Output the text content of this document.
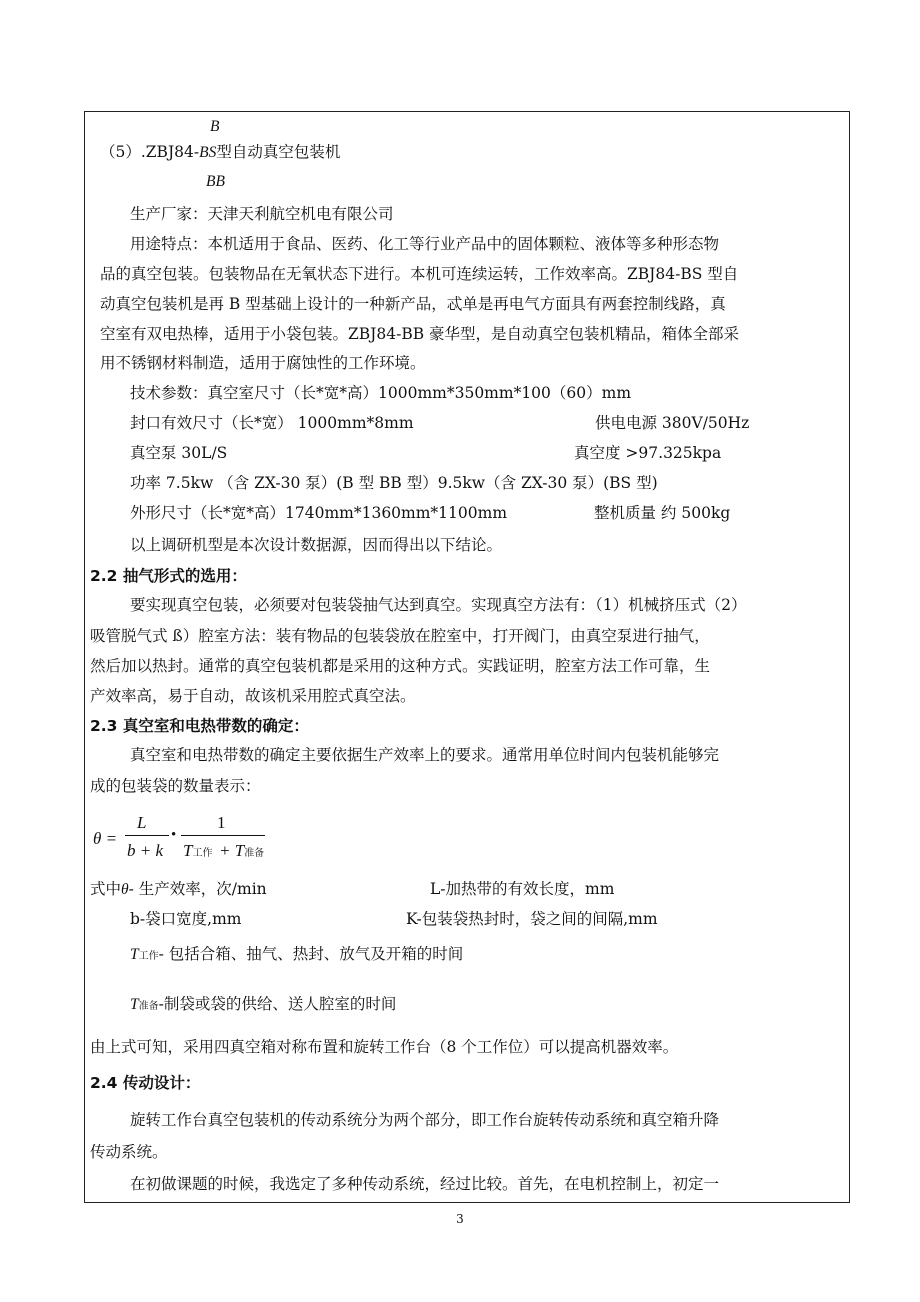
B
（5）.ZBJ84-BS型自动真空包装机
BB
生产厂家：天津天利航空机电有限公司
用途特点：本机适用于食品、医药、化工等行业产品中的固体颗粒、液体等多种形态物
品的真空包装。包装物品在无氧状态下进行。本机可连续运转，工作效率高。ZBJ84-BS 型自
动真空包装机是再 B 型基础上设计的一种新产品，忒单是再电气方面具有两套控制线路，真
空室有双电热棒，适用于小袋包装。ZBJ84-BB 豪华型，是自动真空包装机精品，箱体全部采
用不锈钢材料制造，适用于腐蚀性的工作环境。
技术参数：真空室尺寸（长*宽*高）1000mm*350mm*100（60）mm
封口有效尺寸（长*宽） 1000mm*8mm	供电电源 380V/50Hz
真空泵 30L/S	真空度 >97.325kpa
功率 7.5kw （含 ZX-30 泵）(B 型 BB 型）9.5kw（含 ZX-30 泵）(BS 型)
外形尺寸（长*宽*高）1740mm*1360mm*1100mm	整机质量 约 500kg
以上调研机型是本次设计数据源，因而得出以下结论。
2.2 抽气形式的选用：
要实现真空包装，必须要对包装袋抽气达到真空。实现真空方法有：（1）机械挤压式（2）
吸管脱气式 ß）腔室方法：装有物品的包装袋放在腔室中，打开阀门，由真空泵进行抽气，
然后加以热封。通常的真空包装机都是采用的这种方式。实践证明，腔室方法工作可靠，生
产效率高，易于自动，故该机采用腔式真空法。
2.3 真空室和电热带数的确定：
真空室和电热带数的确定主要依据生产效率上的要求。通常用单位时间内包装机能够完
成的包装袋的数量表示：
θ =
L
b + k
•
1
T工作 + T准备
式中θ- 生产效率，次/min	L-加热带的有效长度，mm
b-袋口宽度,mm	K-包装袋热封时，袋之间的间隔,mm
T工作- 包括合箱、抽气、热封、放气及开箱的时间
T准备-制袋或袋的供给、送人腔室的时间
由上式可知，采用四真空箱对称布置和旋转工作台（8 个工作位）可以提高机器效率。
2.4 传动设计：
旋转工作台真空包装机的传动系统分为两个部分，即工作台旋转传动系统和真空箱升降
传动系统。
在初做课题的时候，我选定了多种传动系统，经过比较。首先，在电机控制上，初定一
3
